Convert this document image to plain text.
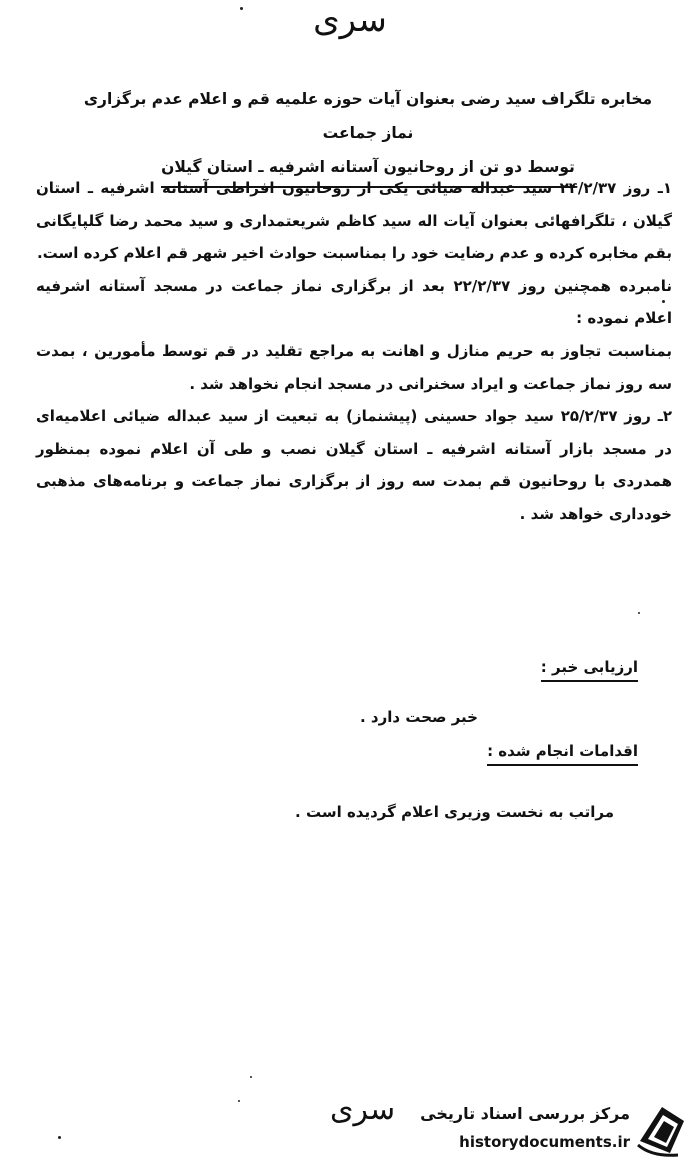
سری
مخابره تلگراف سید رضی بعنوان آیات حوزه علمیه قم و اعلام عدم برگزاری نماز جماعت
توسط دو تن از روحانیون آستانه اشرفیه ـ استان گیلان

۱ـ روز ۲۴/۲/۳۷ سید عبداله ضیائی یکی از روحانیون افراطی آستانه اشرفیه ـ استان گیلان ، تلگرافهائی بعنوان آیات اله سید کاظم شریعتمداری و سید محمد رضا گلپایگانی بقم مخابره کرده و عدم رضایت خود را بمناسبت حوادث اخیر شهر قم اعلام کرده است.

نامبرده همچنین روز ۲۲/۲/۳۷ بعد از برگزاری نماز جماعت در مسجد آستانه اشرفیه اعلام نموده :

بمناسبت تجاوز به حریم منازل و اهانت به مراجع تقلید در قم توسط مأمورین ، بمدت سه روز نماز جماعت و ایراد سخنرانی در مسجد انجام نخواهد شد .

۲ـ روز ۲۵/۲/۳۷ سید جواد حسینی (پیشنماز) به تبعیت از سید عبداله ضیائی اعلامیه‌ای در مسجد بازار آستانه اشرفیه ـ استان گیلان نصب و طی آن اعلام نموده بمنظور همدردی با روحانیون قم بمدت سه روز از برگزاری نماز جماعت و برنامه‌های مذهبی خودداری خواهد شد .

ارزیابی خبر :
خبر صحت دارد .
اقدامات انجام شده :
مراتب به نخست وزیری اعلام گردیده است .
سری مرکز بررسی اسناد تاریخی
historydocuments.ir
